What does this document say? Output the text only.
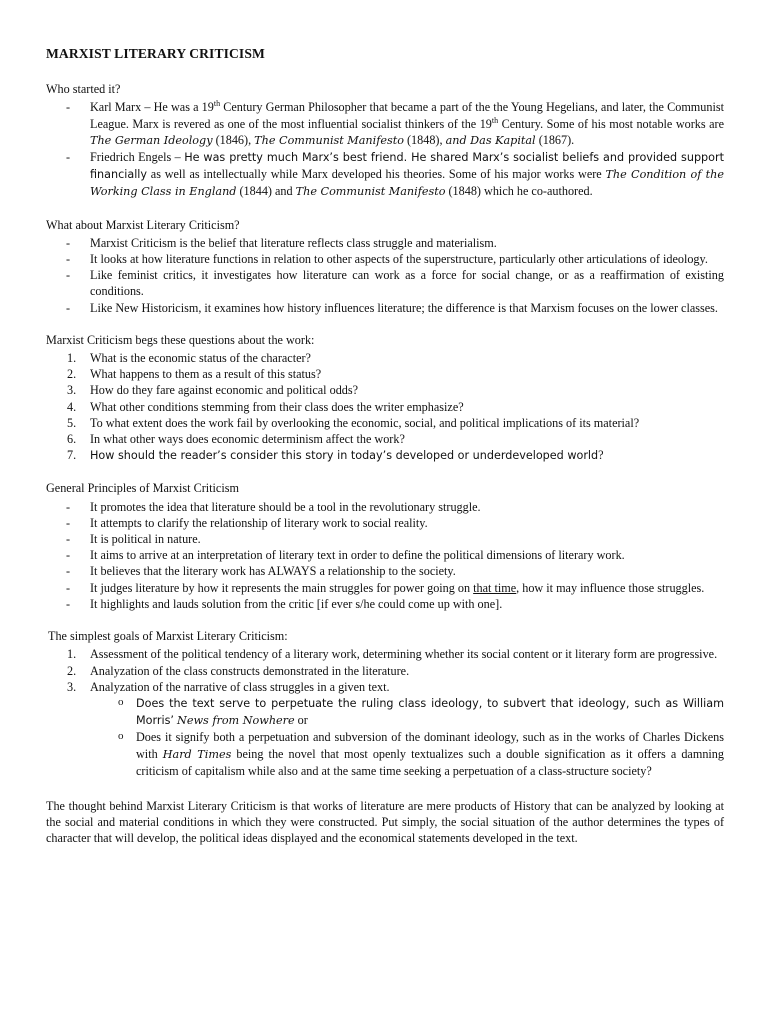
MARXIST LITERARY CRITICISM
Who started it?
- Karl Marx – He was a 19th Century German Philosopher that became a part of the the Young Hegelians, and later, the Communist League. Marx is revered as one of the most influential socialist thinkers of the 19th Century. Some of his most notable works are The German Ideology (1846), The Communist Manifesto (1848), and Das Kapital (1867).
- Friedrich Engels – He was pretty much Marx’s best friend. He shared Marx’s socialist beliefs and provided support financially as well as intellectually while Marx developed his theories. Some of his major works were The Condition of the Working Class in England (1844) and The Communist Manifesto (1848) which he co-authored.
What about Marxist Literary Criticism?
- Marxist Criticism is the belief that literature reflects class struggle and materialism.
- It looks at how literature functions in relation to other aspects of the superstructure, particularly other articulations of ideology.
- Like feminist critics, it investigates how literature can work as a force for social change, or as a reaffirmation of existing conditions.
- Like New Historicism, it examines how history influences literature; the difference is that Marxism focuses on the lower classes.
Marxist Criticism begs these questions about the work:
1. What is the economic status of the character?
2. What happens to them as a result of this status?
3. How do they fare against economic and political odds?
4. What other conditions stemming from their class does the writer emphasize?
5. To what extent does the work fail by overlooking the economic, social, and political implications of its material?
6. In what other ways does economic determinism affect the work?
7. How should the reader’s consider this story in today’s developed or underdeveloped world?
General Principles of Marxist Criticism
- It promotes the idea that literature should be a tool in the revolutionary struggle.
- It attempts to clarify the relationship of literary work to social reality.
- It is political in nature.
- It aims to arrive at an interpretation of literary text in order to define the political dimensions of literary work.
- It believes that the literary work has ALWAYS a relationship to the society.
- It judges literature by how it represents the main struggles for power going on that time, how it may influence those struggles.
- It highlights and lauds solution from the critic [if ever s/he could come up with one].
The simplest goals of Marxist Literary Criticism:
1. Assessment of the political tendency of a literary work, determining whether its social content or it literary form are progressive.
2. Analyzation of the class constructs demonstrated in the literature.
3. Analyzation of the narrative of class struggles in a given text.
o Does the text serve to perpetuate the ruling class ideology, to subvert that ideology, such as William Morris’ News from Nowhere or
o Does it signify both a perpetuation and subversion of the dominant ideology, such as in the works of Charles Dickens with Hard Times being the novel that most openly textualizes such a double signification as it offers a damning criticism of capitalism while also and at the same time seeking a perpetuation of a class-structure society?

The thought behind Marxist Literary Criticism is that works of literature are mere products of History that can be analyzed by looking at the social and material conditions in which they were constructed. Put simply, the social situation of the author determines the types of character that will develop, the political ideas displayed and the economical statements developed in the text.
